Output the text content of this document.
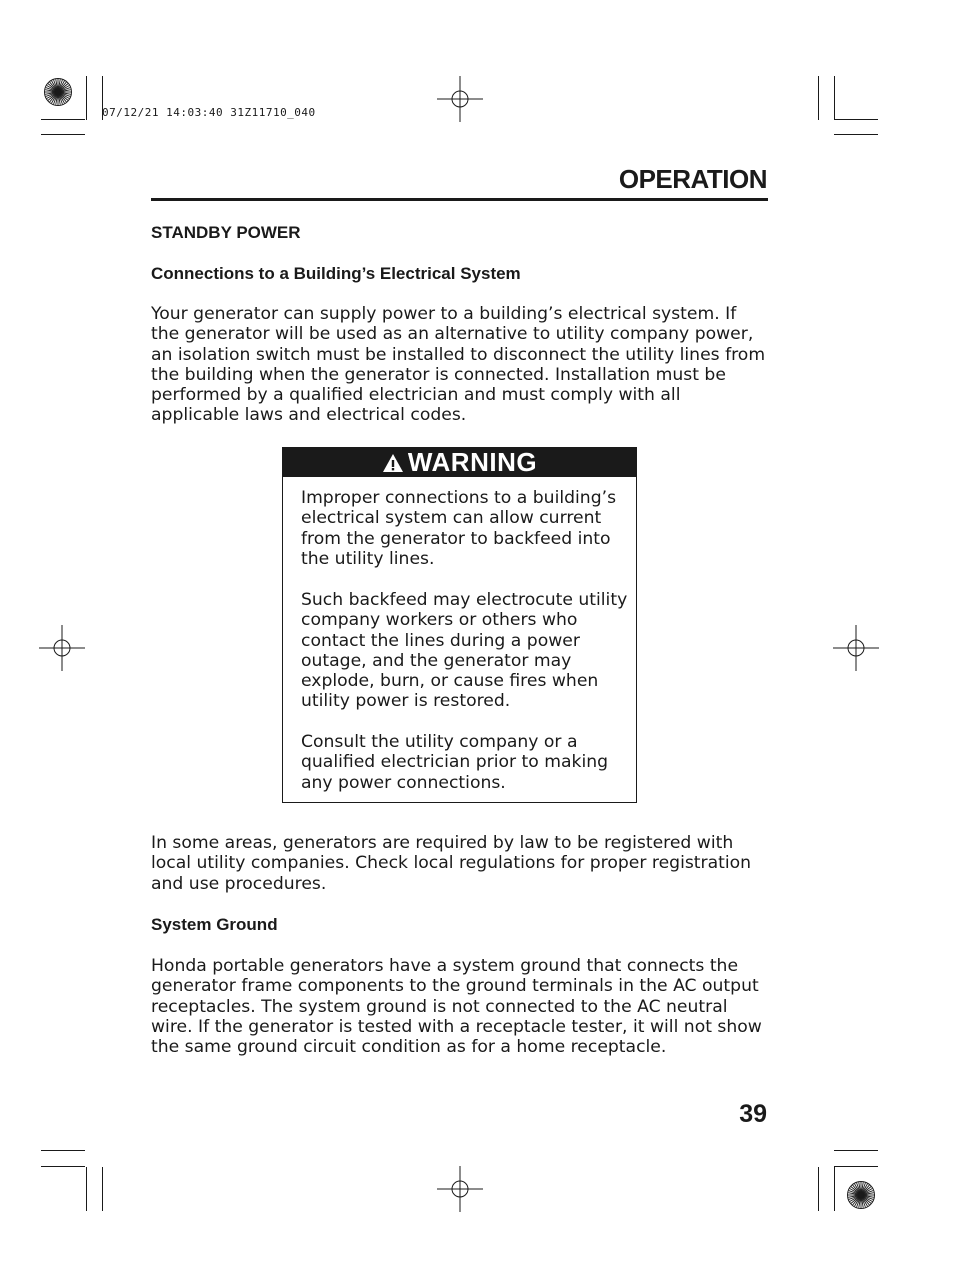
07/12/21 14:03:40 31Z11710_040
OPERATION
STANDBY POWER
Connections to a Building’s Electrical System
Your generator can supply power to a building’s electrical system. If the generator will be used as an alternative to utility company power, an isolation switch must be installed to disconnect the utility lines from the building when the generator is connected. Installation must be performed by a qualified electrician and must comply with all applicable laws and electrical codes.
WARNING
Improper connections to a building’s electrical system can allow current from the generator to backfeed into the utility lines.
Such backfeed may electrocute utility company workers or others who contact the lines during a power outage, and the generator may explode, burn, or cause fires when utility power is restored.
Consult the utility company or a qualified electrician prior to making any power connections.
In some areas, generators are required by law to be registered with local utility companies. Check local regulations for proper registration and use procedures.
System Ground
Honda portable generators have a system ground that connects the generator frame components to the ground terminals in the AC output receptacles. The system ground is not connected to the AC neutral wire. If the generator is tested with a receptacle tester, it will not show the same ground circuit condition as for a home receptacle.
39
